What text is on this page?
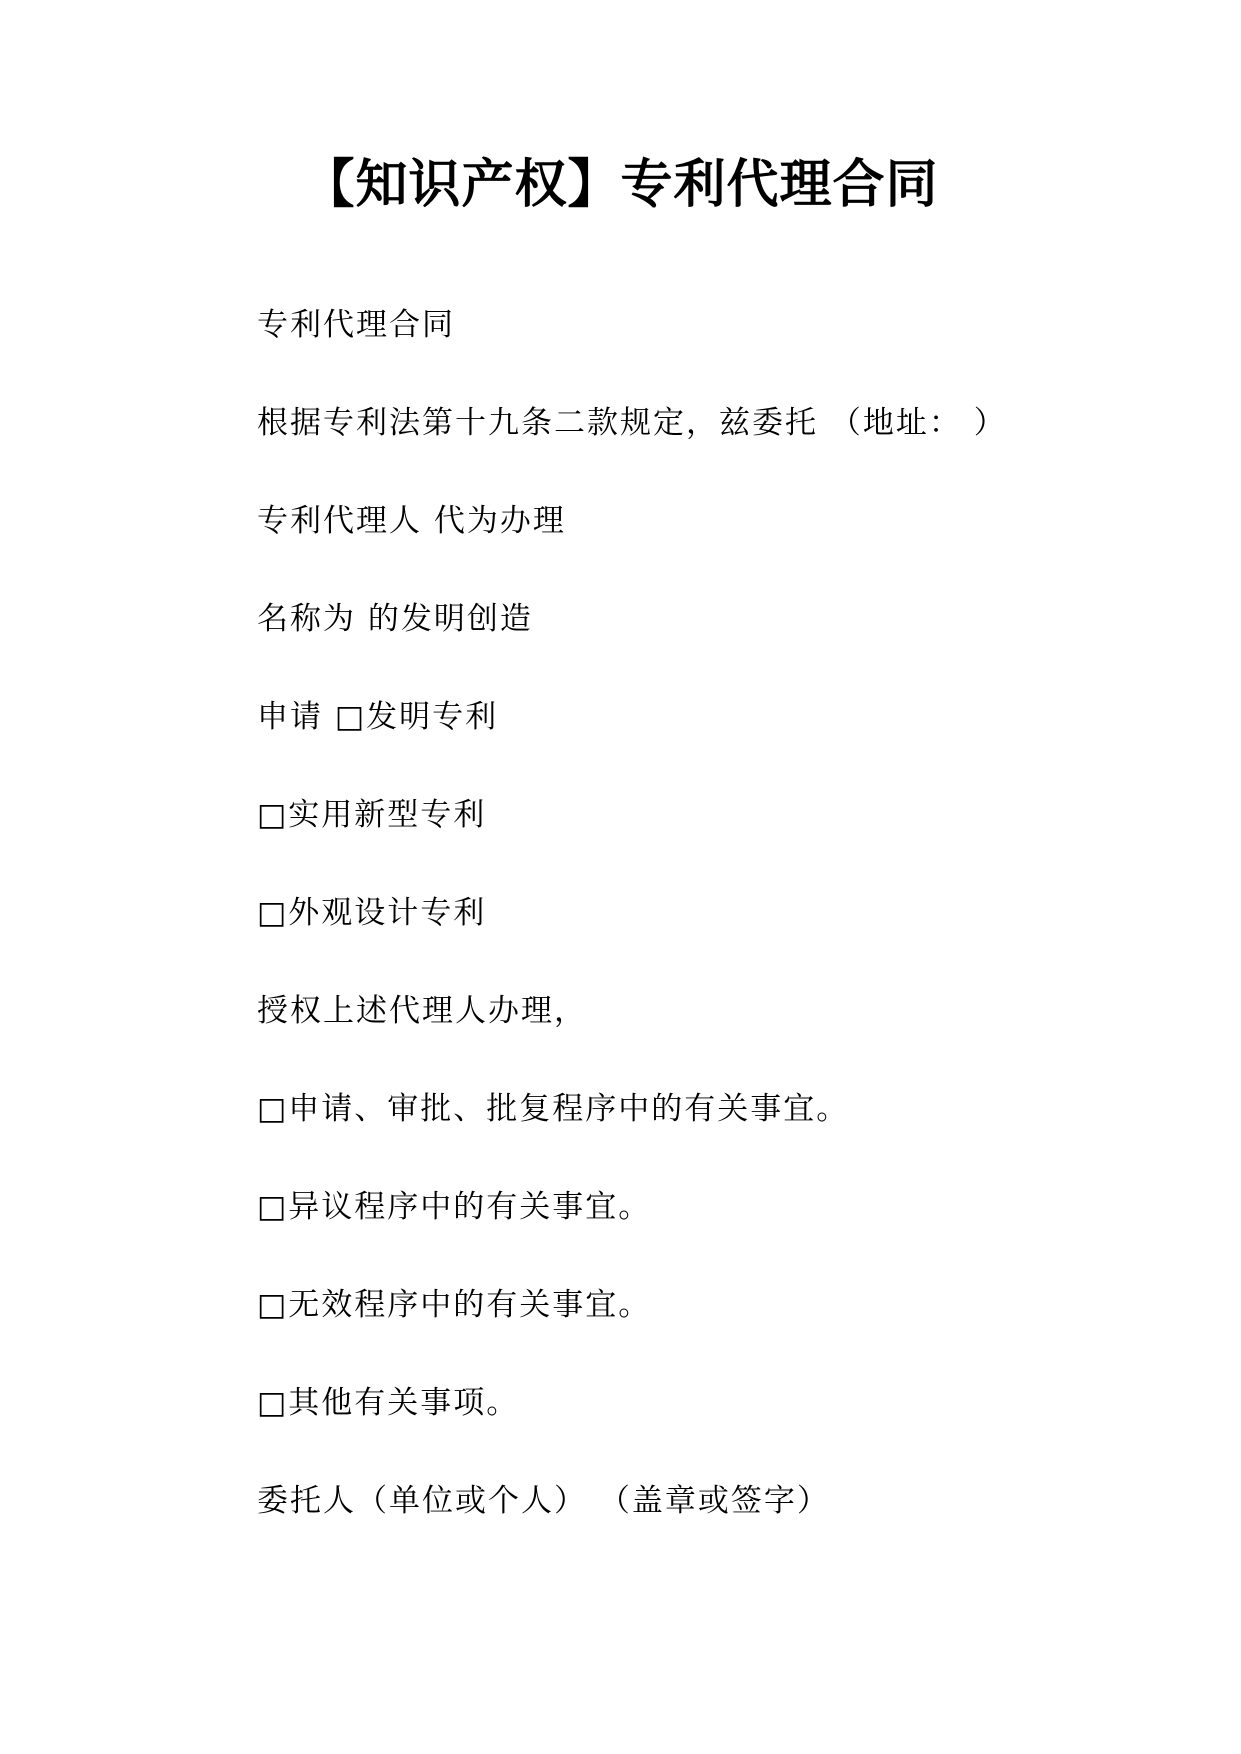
【知识产权】专利代理合同
专利代理合同
根据专利法第十九条二款规定，兹委托 （地址： ）
专利代理人 代为办理
名称为 的发明创造
申请 □发明专利
□实用新型专利
□外观设计专利
授权上述代理人办理，
□申请、审批、批复程序中的有关事宜。
□异议程序中的有关事宜。
□无效程序中的有关事宜。
□其他有关事项。
委托人（单位或个人） （盖章或签字）
